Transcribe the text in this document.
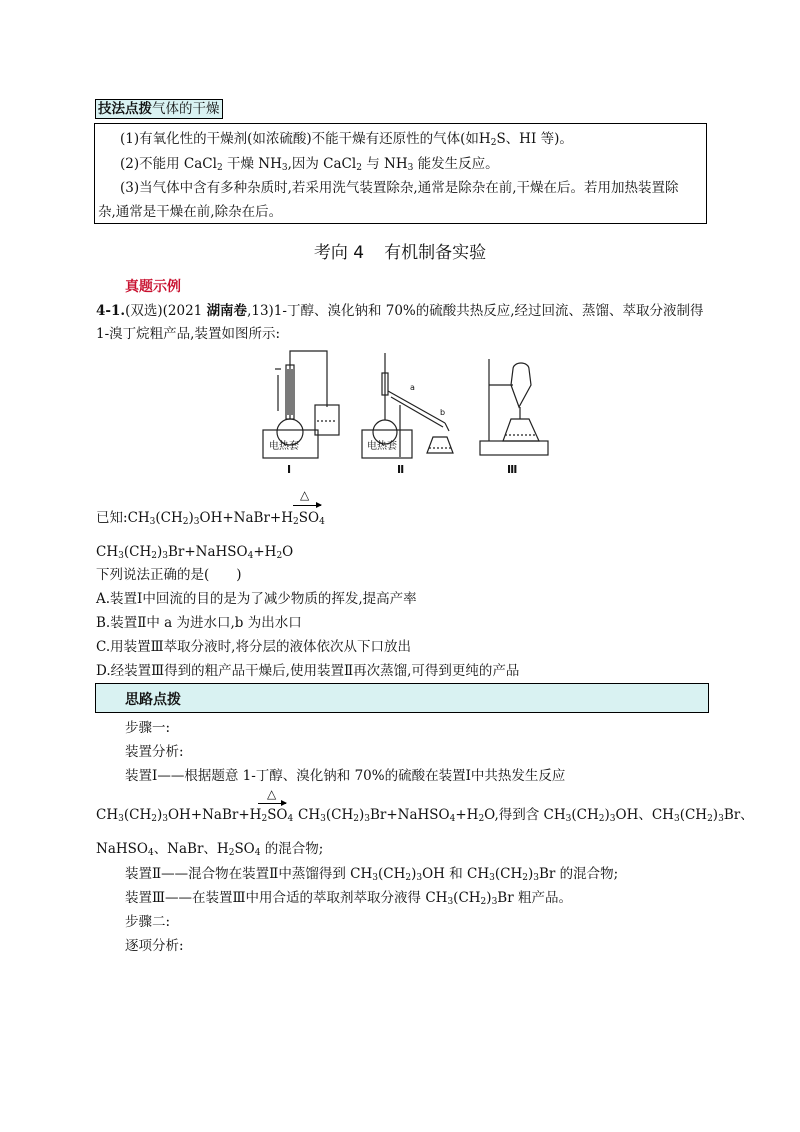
技法点拨气体的干燥
(1)有氧化性的干燥剂(如浓硫酸)不能干燥有还原性的气体(如$H_2S$、HI 等)。
(2)不能用 CaCl$_2$ 干燥 $NH_3$,因为 CaCl$_2$ 与 $NH_3$ 能发生反应。
(3)当气体中含有多种杂质时,若采用洗气装置除杂,通常是除杂在前,干燥在后。若用加热装置除
杂,通常是干燥在前,除杂在后。
考向 4 有机制备实验
真题示例
4-1.(双选)(2021 湖南卷,13)1-丁醇、溴化钠和 70%的硫酸共热反应,经过回流、蒸馏、萃取分液制得
1-溴丁烷粗产品,装置如图所示:
电热套	电热套
a
b
Ⅰ	Ⅱ	Ⅲ
△
已知$:CH_3(CH_2)_3OH+NaBr+H_2SO_4$
$CH_3(CH_2)_3Br+NaHSO_4+H_2O$
下列说法正确的是(　　)
A.装置Ⅰ中回流的目的是为了减少物质的挥发,提高产率
B.装置Ⅱ中 a 为进水口,b 为出水口
C.用装置Ⅲ萃取分液时,将分层的液体依次从下口放出
D.经装置Ⅲ得到的粗产品干燥后,使用装置Ⅱ再次蒸馏,可得到更纯的产品
思路点拨
步骤一:
装置分析:
装置Ⅰ——根据题意 1-丁醇、溴化钠和 70%的硫酸在装置Ⅰ中共热发生反应
△
$CH_3(CH_2)_3OH+NaBr+H_2SO_4$ $CH_3(CH_2)_3Br+NaHSO_4+H_2O$,得到含 $CH_3(CH_2)_3OH$、$CH_3(CH_2)_3Br$、
NaHSO$_4$、NaBr、$H_2SO_4$ 的混合物;
装置Ⅱ——混合物在装置Ⅱ中蒸馏得到 $CH_3(CH_2)_3OH$ 和 $CH_3(CH_2)_3Br$ 的混合物;
装置Ⅲ——在装置Ⅲ中用合适的萃取剂萃取分液得 $CH_3(CH_2)_3Br$ 粗产品。
步骤二:
逐项分析:
